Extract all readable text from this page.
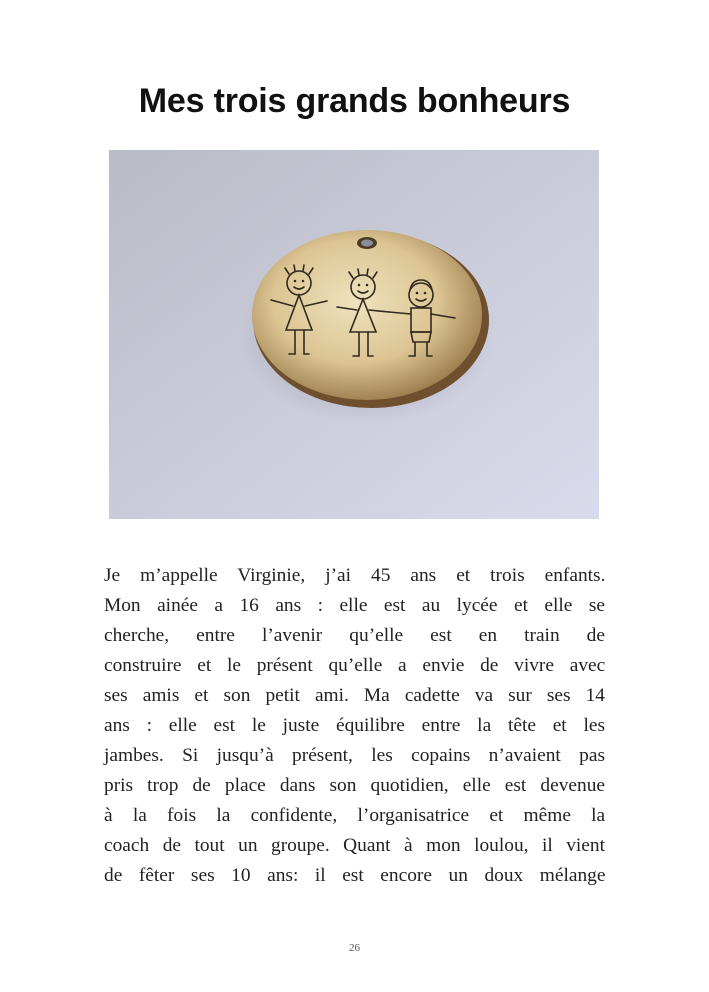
Mes trois grands bonheurs

Je m’appelle Virginie, j’ai 45 ans et trois enfants.
Mon ainée a 16 ans : elle est au lycée et elle se
cherche, entre l’avenir qu’elle est en train de
construire et le présent qu’elle a envie de vivre avec
ses amis et son petit ami. Ma cadette va sur ses 14
ans : elle est le juste équilibre entre la tête et les
jambes. Si jusqu’à présent, les copains n’avaient pas
pris trop de place dans son quotidien, elle est devenue
à la fois la confidente, l’organisatrice et même la
coach de tout un groupe. Quant à mon loulou, il vient
de fêter ses 10 ans: il est encore un doux mélange

26
